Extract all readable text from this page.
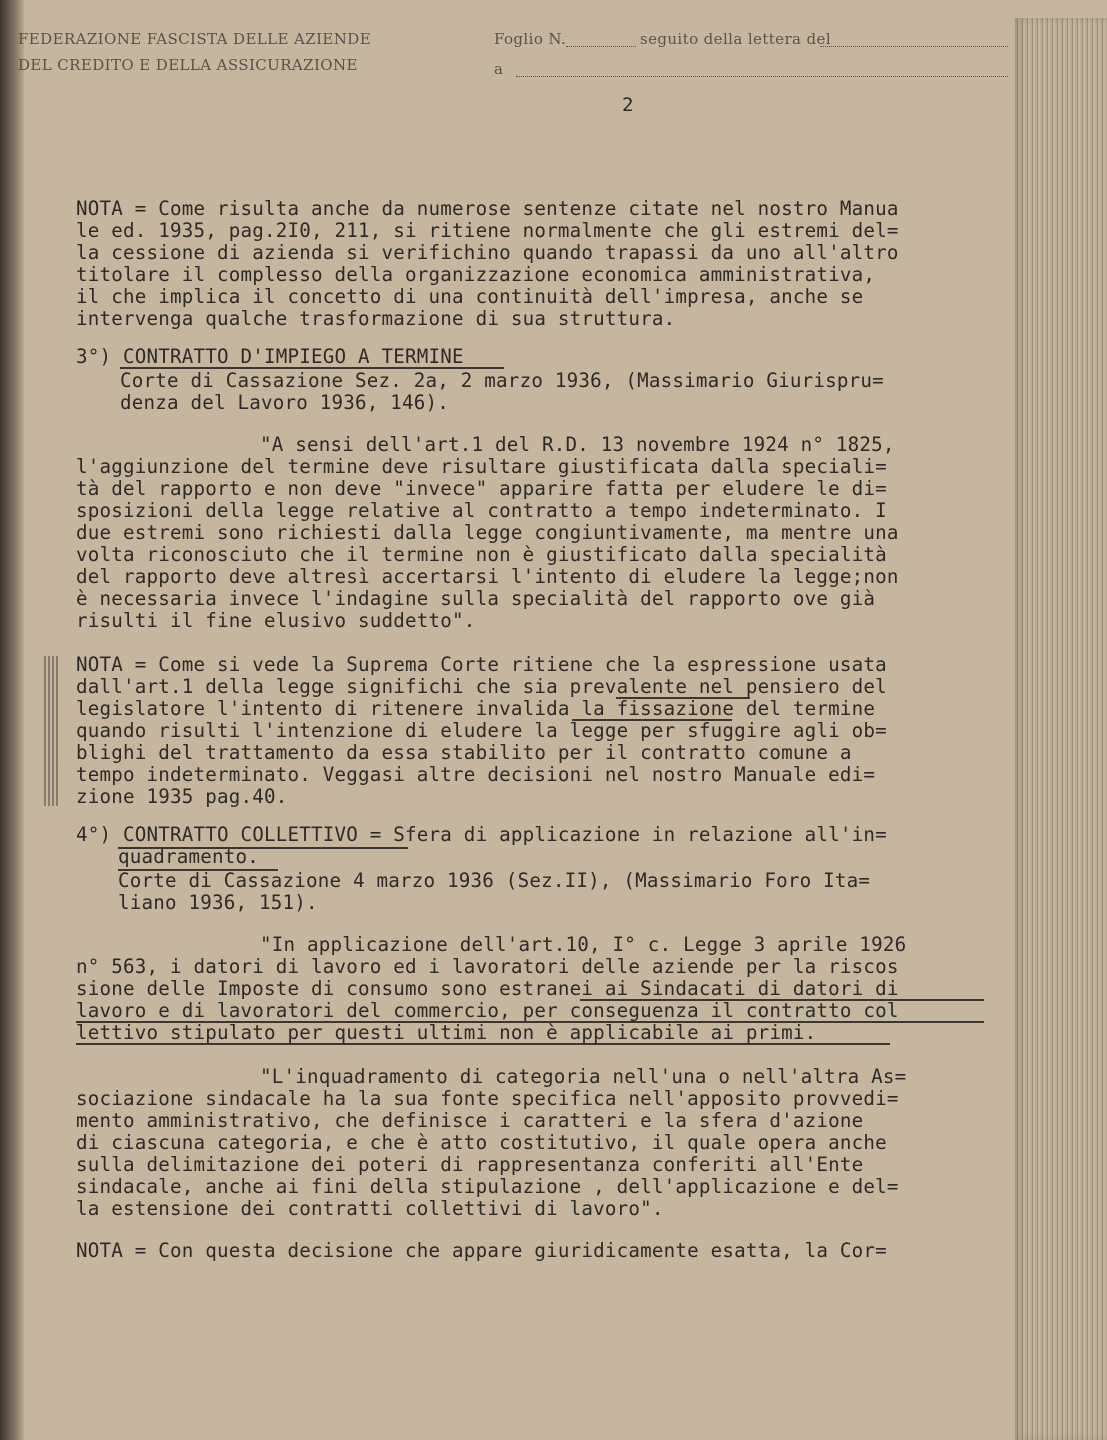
FEDERAZIONE FASCISTA DELLE AZIENDE
DEL CREDITO E DELLA ASSICURAZIONE
Foglio N.	seguito della lettera del
a
2
NOTA = Come risulta anche da numerose sentenze citate nel nostro Manua
le ed. 1935, pag.2I0, 211, si ritiene normalmente che gli estremi del=
la cessione di azienda si verifichino quando trapassi da uno all'altro
titolare il complesso della organizzazione economica amministrativa,
il che implica il concetto di una continuità dell'impresa, anche se
intervenga qualche trasformazione di sua struttura.
3°) CONTRATTO D'IMPIEGO A TERMINE
Corte di Cassazione Sez. 2a, 2 marzo 1936, (Massimario Giurispru=
denza del Lavoro 1936, 146).
"A sensi dell'art.1 del R.D. 13 novembre 1924 n° 1825,
l'aggiunzione del termine deve risultare giustificata dalla speciali=
tà del rapporto e non deve "invece" apparire fatta per eludere le di=
sposizioni della legge relative al contratto a tempo indeterminato. I
due estremi sono richiesti dalla legge congiuntivamente, ma mentre una
volta riconosciuto che il termine non è giustificato dalla specialità
del rapporto deve altresì accertarsi l'intento di eludere la legge;non
è necessaria invece l'indagine sulla specialità del rapporto ove già
risulti il fine elusivo suddetto".
NOTA = Come si vede la Suprema Corte ritiene che la espressione usata
dall'art.1 della legge significhi che sia prevalente nel pensiero del
legislatore l'intento di ritenere invalida la fissazione del termine
quando risulti l'intenzione di eludere la legge per sfuggire agli ob=
blighi del trattamento da essa stabilito per il contratto comune a
tempo indeterminato. Veggasi altre decisioni nel nostro Manuale edi=
zione 1935 pag.40.
4°) CONTRATTO COLLETTIVO = Sfera di applicazione in relazione all'in=
quadramento.
Corte di Cassazione 4 marzo 1936 (Sez.II), (Massimario Foro Ita=
liano 1936, 151).
"In applicazione dell'art.10, I° c. Legge 3 aprile 1926
n° 563, i datori di lavoro ed i lavoratori delle aziende per la riscos
sione delle Imposte di consumo sono estranei ai Sindacati di datori di
lavoro e di lavoratori del commercio, per conseguenza il contratto col
lettivo stipulato per questi ultimi non è applicabile ai primi.
"L'inquadramento di categoria nell'una o nell'altra As=
sociazione sindacale ha la sua fonte specifica nell'apposito provvedi=
mento amministrativo, che definisce i caratteri e la sfera d'azione
di ciascuna categoria, e che è atto costitutivo, il quale opera anche
sulla delimitazione dei poteri di rappresentanza conferiti all'Ente
sindacale, anche ai fini della stipulazione , dell'applicazione e del=
la estensione dei contratti collettivi di lavoro".
NOTA = Con questa decisione che appare giuridicamente esatta, la Cor=
